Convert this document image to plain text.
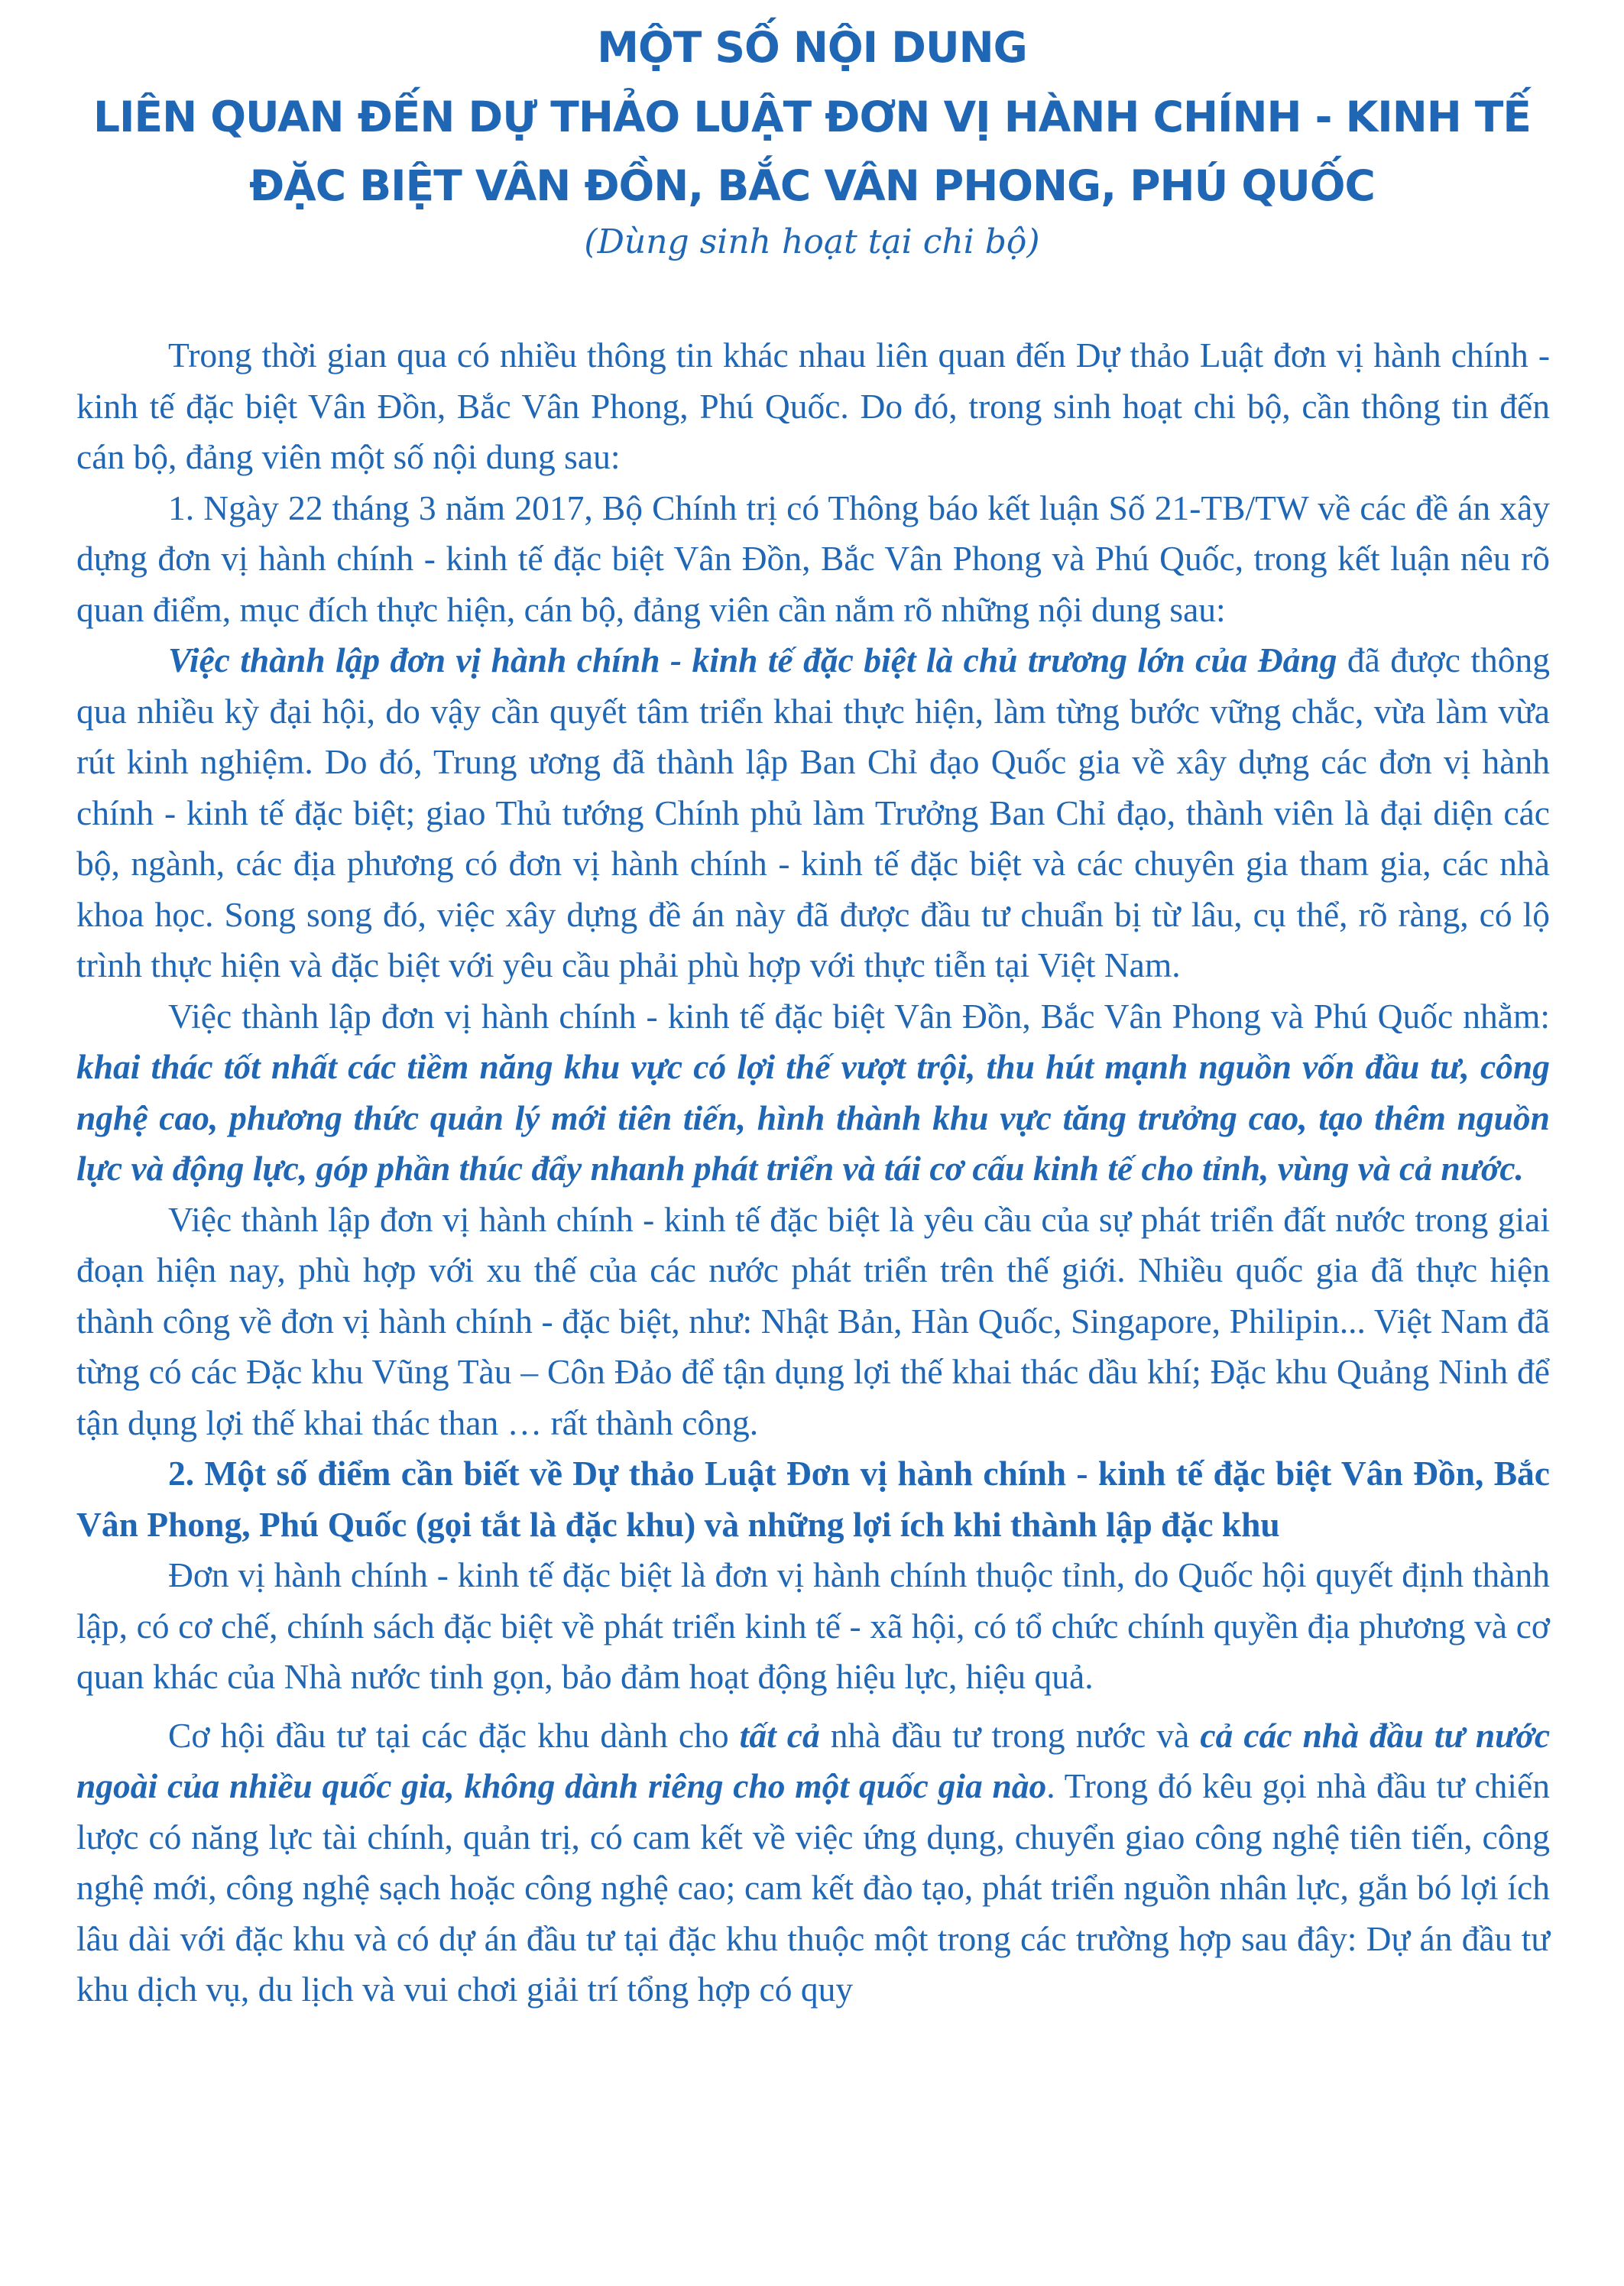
MỘT SỐ NỘI DUNG
LIÊN QUAN ĐẾN DỰ THẢO LUẬT ĐƠN VỊ HÀNH CHÍNH - KINH TẾ
ĐẶC BIỆT VÂN ĐỒN, BẮC VÂN PHONG, PHÚ QUỐC
(Dùng sinh hoạt tại chi bộ)

Trong thời gian qua có nhiều thông tin khác nhau liên quan đến Dự thảo Luật đơn vị hành chính - kinh tế đặc biệt Vân Đồn, Bắc Vân Phong, Phú Quốc. Do đó, trong sinh hoạt chi bộ, cần thông tin đến cán bộ, đảng viên một số nội dung sau:

1. Ngày 22 tháng 3 năm 2017, Bộ Chính trị có Thông báo kết luận Số 21-TB/TW về các đề án xây dựng đơn vị hành chính - kinh tế đặc biệt Vân Đồn, Bắc Vân Phong và Phú Quốc, trong kết luận nêu rõ quan điểm, mục đích thực hiện, cán bộ, đảng viên cần nắm rõ những nội dung sau:

Việc thành lập đơn vị hành chính - kinh tế đặc biệt là chủ trương lớn của Đảng đã được thông qua nhiều kỳ đại hội, do vậy cần quyết tâm triển khai thực hiện, làm từng bước vững chắc, vừa làm vừa rút kinh nghiệm. Do đó, Trung ương đã thành lập Ban Chỉ đạo Quốc gia về xây dựng các đơn vị hành chính - kinh tế đặc biệt; giao Thủ tướng Chính phủ làm Trưởng Ban Chỉ đạo, thành viên là đại diện các bộ, ngành, các địa phương có đơn vị hành chính - kinh tế đặc biệt và các chuyên gia tham gia, các nhà khoa học. Song song đó, việc xây dựng đề án này đã được đầu tư chuẩn bị từ lâu, cụ thể, rõ ràng, có lộ trình thực hiện và đặc biệt với yêu cầu phải phù hợp với thực tiễn tại Việt Nam.

Việc thành lập đơn vị hành chính - kinh tế đặc biệt Vân Đồn, Bắc Vân Phong và Phú Quốc nhằm: khai thác tốt nhất các tiềm năng khu vực có lợi thế vượt trội, thu hút mạnh nguồn vốn đầu tư, công nghệ cao, phương thức quản lý mới tiên tiến, hình thành khu vực tăng trưởng cao, tạo thêm nguồn lực và động lực, góp phần thúc đẩy nhanh phát triển và tái cơ cấu kinh tế cho tỉnh, vùng và cả nước.

Việc thành lập đơn vị hành chính - kinh tế đặc biệt là yêu cầu của sự phát triển đất nước trong giai đoạn hiện nay, phù hợp với xu thế của các nước phát triển trên thế giới. Nhiều quốc gia đã thực hiện thành công về đơn vị hành chính - đặc biệt, như: Nhật Bản, Hàn Quốc, Singapore, Philipin... Việt Nam đã từng có các Đặc khu Vũng Tàu – Côn Đảo để tận dụng lợi thế khai thác dầu khí; Đặc khu Quảng Ninh để tận dụng lợi thế khai thác than … rất thành công.

2. Một số điểm cần biết về Dự thảo Luật Đơn vị hành chính - kinh tế đặc biệt Vân Đồn, Bắc Vân Phong, Phú Quốc (gọi tắt là đặc khu) và những lợi ích khi thành lập đặc khu

Đơn vị hành chính - kinh tế đặc biệt là đơn vị hành chính thuộc tỉnh, do Quốc hội quyết định thành lập, có cơ chế, chính sách đặc biệt về phát triển kinh tế - xã hội, có tổ chức chính quyền địa phương và cơ quan khác của Nhà nước tinh gọn, bảo đảm hoạt động hiệu lực, hiệu quả.

Cơ hội đầu tư tại các đặc khu dành cho tất cả nhà đầu tư trong nước và cả các nhà đầu tư nước ngoài của nhiều quốc gia, không dành riêng cho một quốc gia nào. Trong đó kêu gọi nhà đầu tư chiến lược có năng lực tài chính, quản trị, có cam kết về việc ứng dụng, chuyển giao công nghệ tiên tiến, công nghệ mới, công nghệ sạch hoặc công nghệ cao; cam kết đào tạo, phát triển nguồn nhân lực, gắn bó lợi ích lâu dài với đặc khu và có dự án đầu tư tại đặc khu thuộc một trong các trường hợp sau đây: Dự án đầu tư khu dịch vụ, du lịch và vui chơi giải trí tổng hợp có quy
